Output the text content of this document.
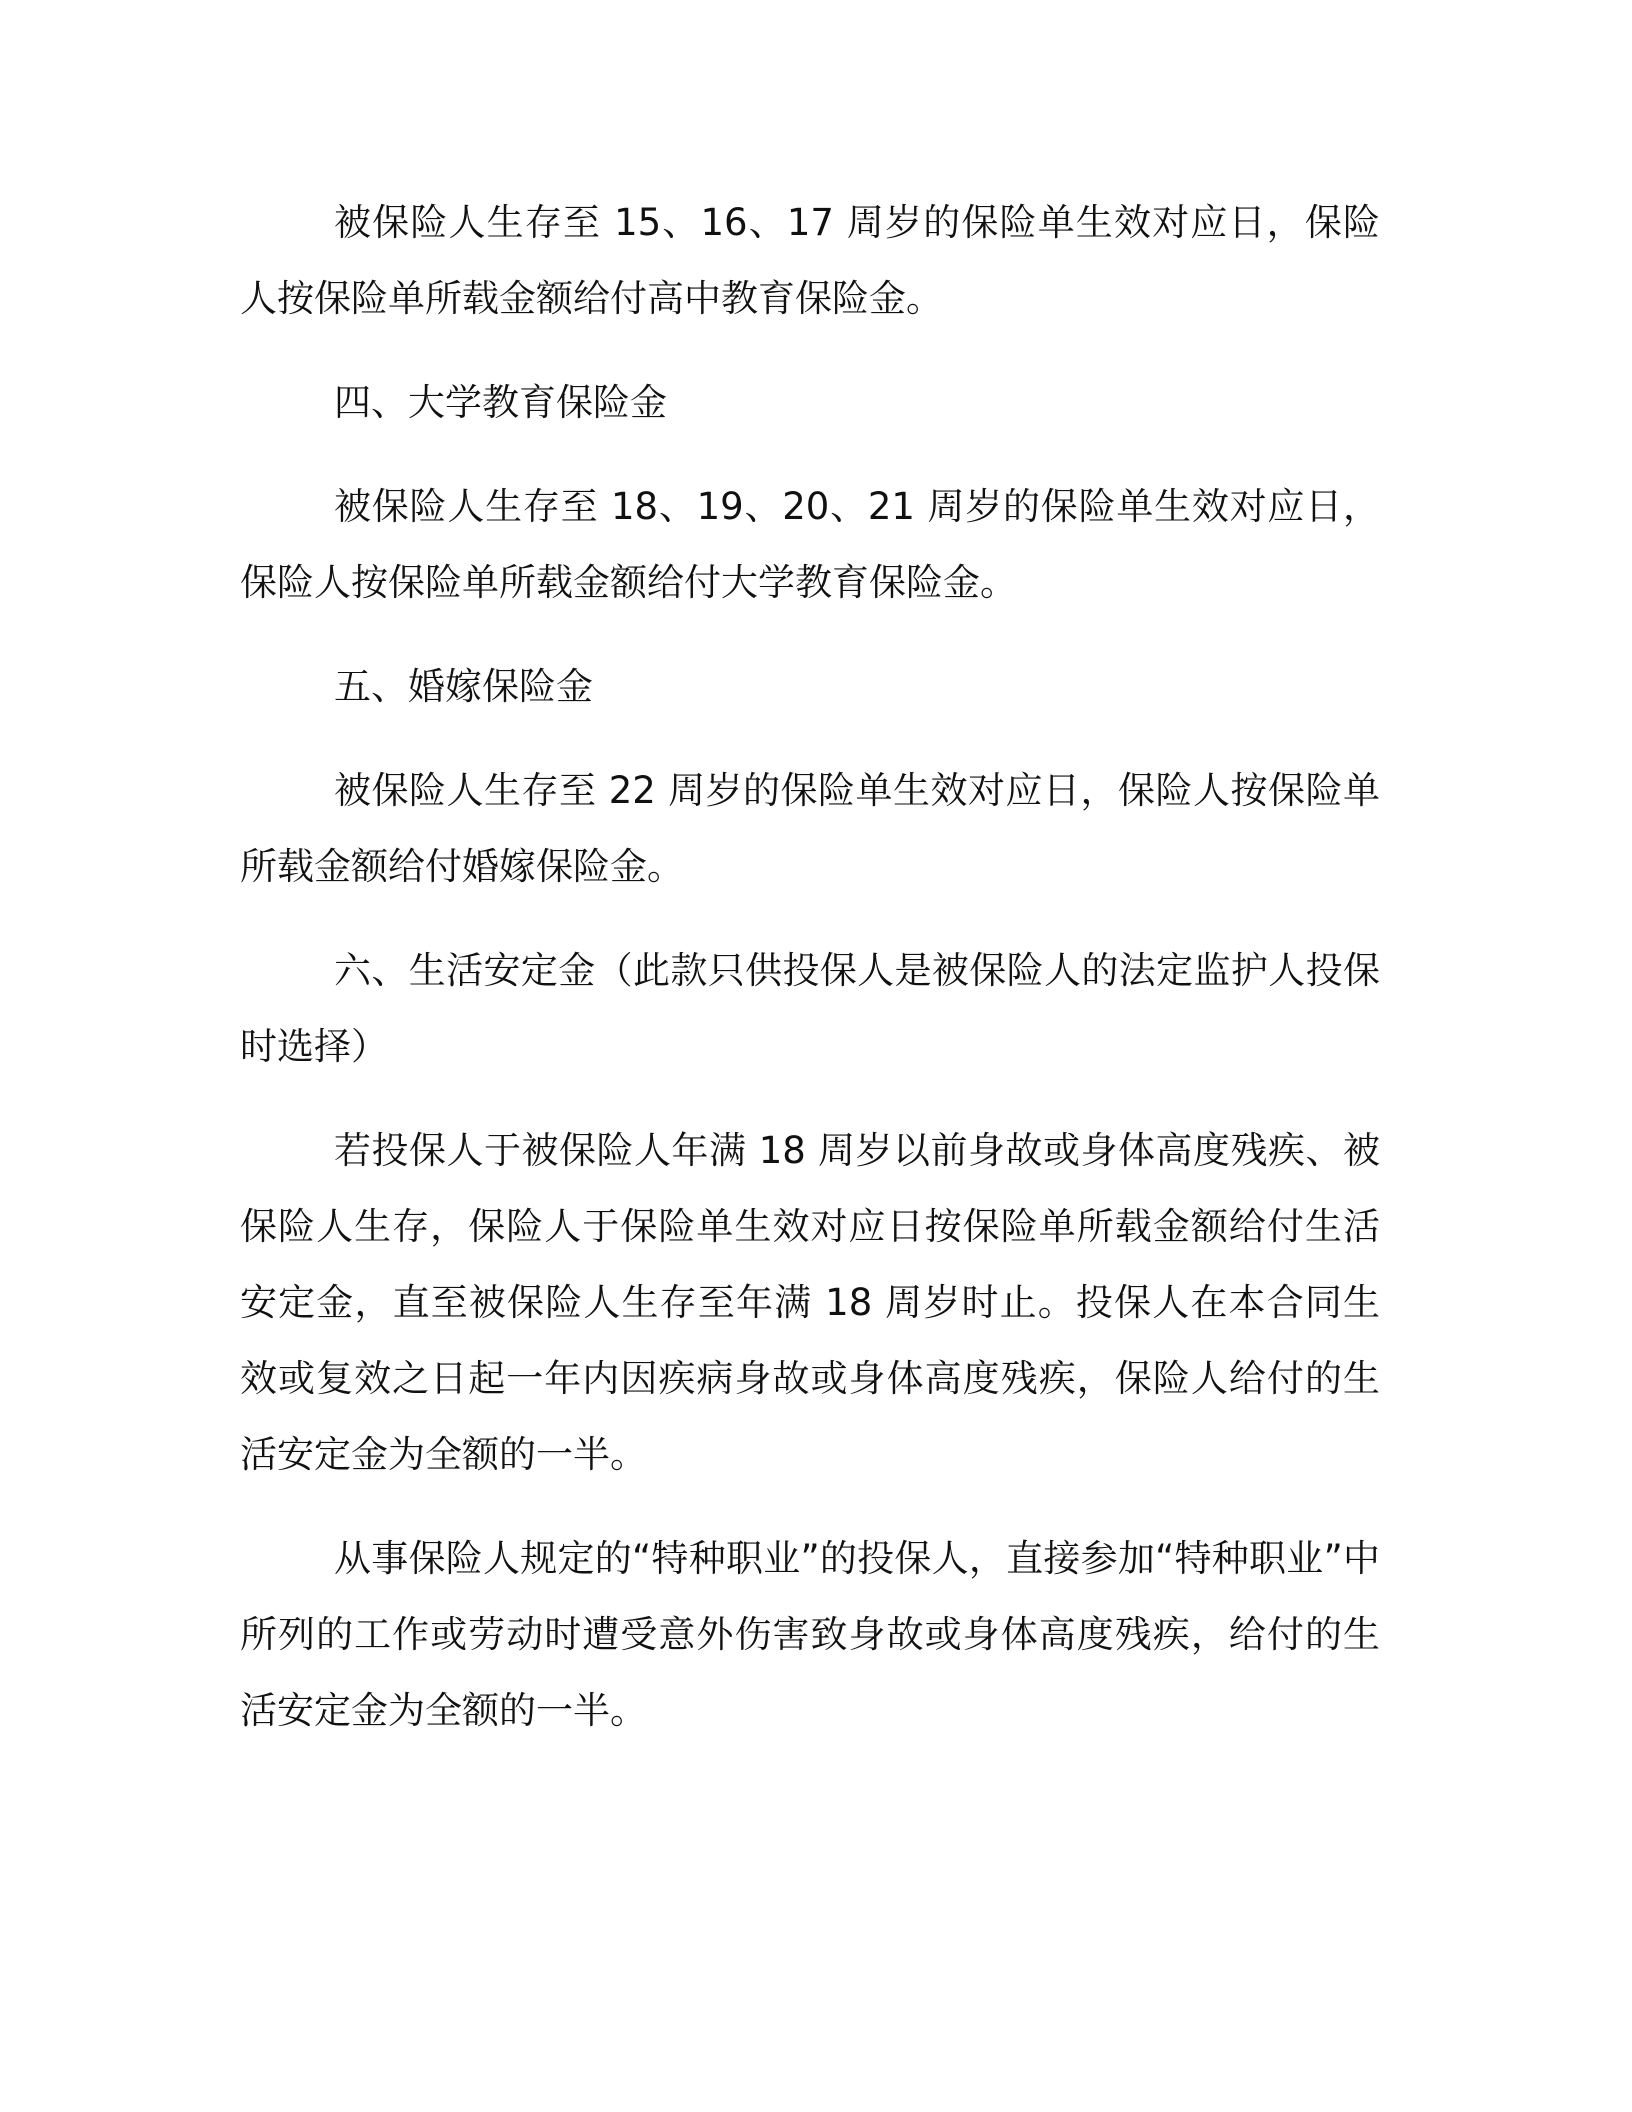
被保险人生存至 15、16、17 周岁的保险单生效对应日，保险人按保险单所载金额给付高中教育保险金。

四、大学教育保险金

被保险人生存至 18、19、20、21 周岁的保险单生效对应日，保险人按保险单所载金额给付大学教育保险金。

五、婚嫁保险金

被保险人生存至 22 周岁的保险单生效对应日，保险人按保险单所载金额给付婚嫁保险金。

六、生活安定金（此款只供投保人是被保险人的法定监护人投保时选择）

若投保人于被保险人年满 18 周岁以前身故或身体高度残疾、被保险人生存，保险人于保险单生效对应日按保险单所载金额给付生活安定金，直至被保险人生存至年满 18 周岁时止。投保人在本合同生效或复效之日起一年内因疾病身故或身体高度残疾，保险人给付的生活安定金为全额的一半。

从事保险人规定的“特种职业”的投保人，直接参加“特种职业”中所列的工作或劳动时遭受意外伤害致身故或身体高度残疾，给付的生活安定金为全额的一半。
